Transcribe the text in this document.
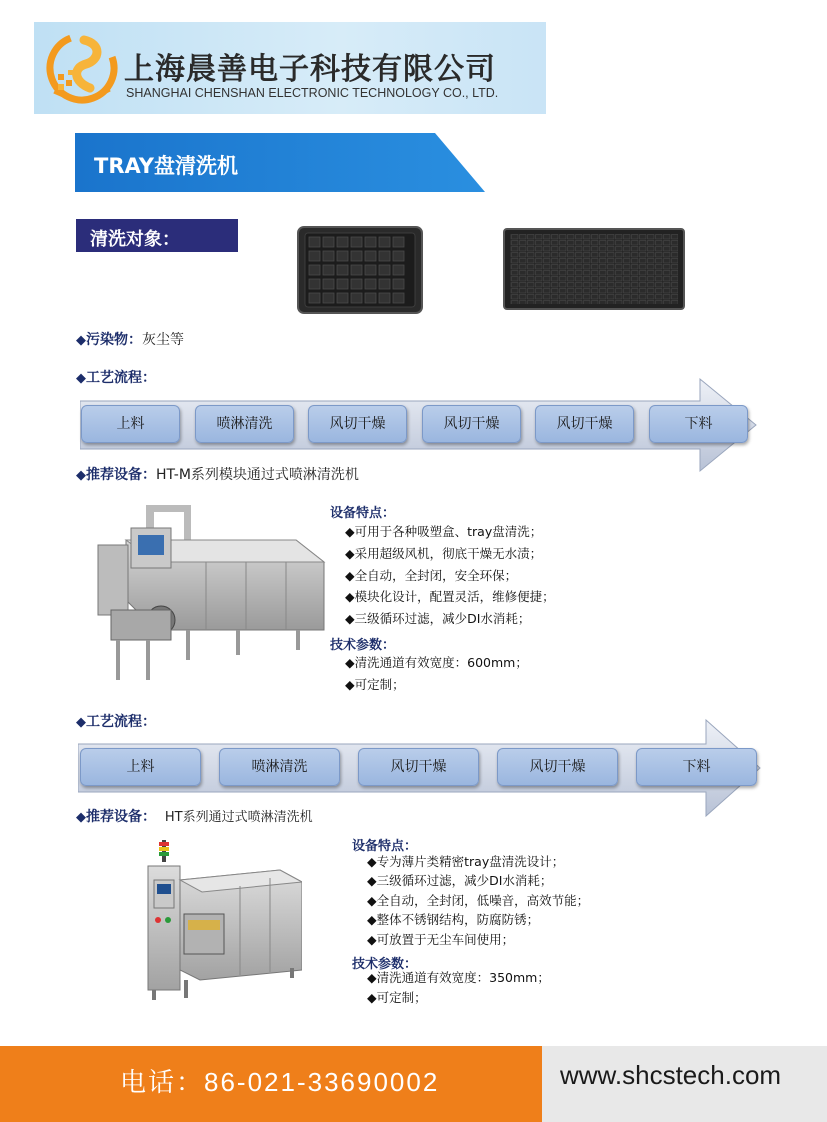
上海晨善电子科技有限公司
SHANGHAI CHENSHAN ELECTRONIC TECHNOLOGY CO., LTD.
TRAY盘清洗机
清洗对象：
◆污染物：灰尘等
◆工艺流程：
上料	喷淋清洗	风切干燥	风切干燥	风切干燥	下料
◆推荐设备：HT-M系列模块通过式喷淋清洗机
设备特点：
◆可用于各种吸塑盒、tray盘清洗；
◆采用超级风机，彻底干燥无水渍；
◆全自动，全封闭，安全环保；
◆模块化设计，配置灵活，维修便捷；
◆三级循环过滤，减少DI水消耗；
技术参数：
◆清洗通道有效宽度：600mm；
◆可定制；
◆工艺流程：
上料	喷淋清洗	风切干燥	风切干燥	下料
◆推荐设备： HT系列通过式喷淋清洗机
设备特点：
◆专为薄片类精密tray盘清洗设计；
◆三级循环过滤，减少DI水消耗；
◆全自动，全封闭，低噪音，高效节能；
◆整体不锈钢结构，防腐防锈；
◆可放置于无尘车间使用；
技术参数：
◆清洗通道有效宽度：350mm；
◆可定制；
电话：86-021-33690002	www.shcstech.com
